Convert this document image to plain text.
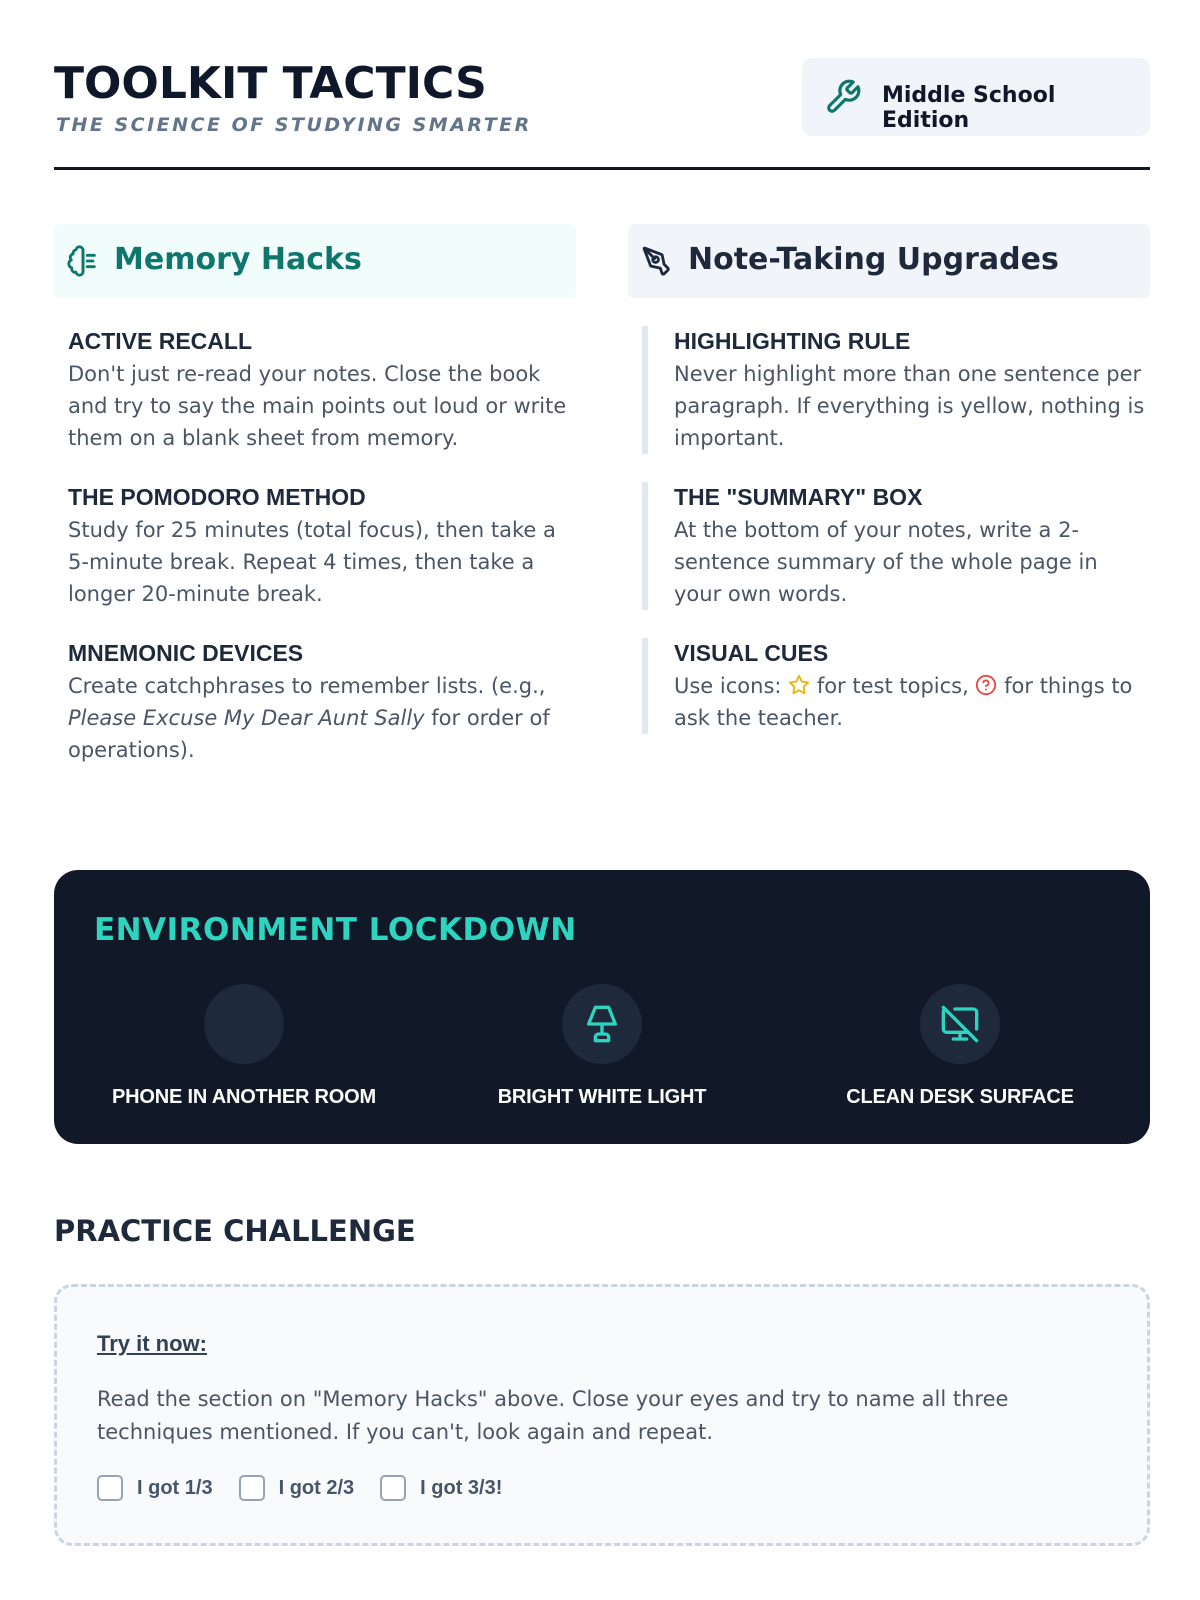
TOOLKIT TACTICS
THE SCIENCE OF STUDYING SMARTER
Middle School Edition
Memory Hacks
ACTIVE RECALL
Don't just re-read your notes. Close the book and try to say the main points out loud or write them on a blank sheet from memory.
THE POMODORO METHOD
Study for 25 minutes (total focus), then take a 5-minute break. Repeat 4 times, then take a longer 20-minute break.
MNEMONIC DEVICES
Create catchphrases to remember lists. (e.g., Please Excuse My Dear Aunt Sally for order of operations).
Note-Taking Upgrades
HIGHLIGHTING RULE
Never highlight more than one sentence per paragraph. If everything is yellow, nothing is important.
THE "SUMMARY" BOX
At the bottom of your notes, write a 2-sentence summary of the whole page in your own words.
VISUAL CUES
Use icons:  for test topics,  for things to ask the teacher.
ENVIRONMENT LOCKDOWN
PHONE IN ANOTHER ROOM	BRIGHT WHITE LIGHT	CLEAN DESK SURFACE
PRACTICE CHALLENGE
Try it now:
Read the section on "Memory Hacks" above. Close your eyes and try to name all three techniques mentioned. If you can't, look again and repeat.
I got 1/3	I got 2/3	I got 3/3!
